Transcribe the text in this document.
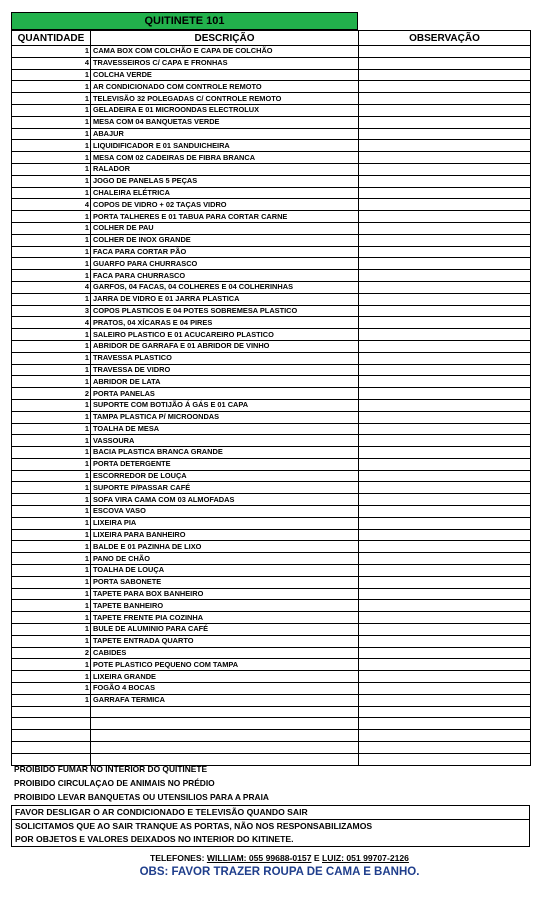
QUITINETE 101
QUANTIDADE	DESCRIÇÃO	OBSERVAÇÃO
1	CAMA BOX COM COLCHÃO E CAPA DE COLCHÃO	
4	TRAVESSEIROS C/ CAPA E FRONHAS	
1	COLCHA VERDE	
1	AR CONDICIONADO COM CONTROLE REMOTO	
1	TELEVISÃO 32 POLEGADAS C/ CONTROLE REMOTO	
1	GELADEIRA E 01 MICROONDAS ELECTROLUX	
1	MESA COM 04 BANQUETAS VERDE	
1	ABAJUR	
1	LIQUIDIFICADOR E 01 SANDUICHEIRA	
1	MESA COM 02 CADEIRAS DE FIBRA BRANCA	
1	RALADOR	
1	JOGO DE PANELAS 5 PEÇAS	
1	CHALEIRA ELÉTRICA	
4	COPOS DE VIDRO + 02 TAÇAS VIDRO	
1	PORTA TALHERES E 01 TABUA PARA CORTAR CARNE	
1	COLHER DE PAU	
1	COLHER DE INOX GRANDE	
1	FACA PARA CORTAR PÃO	
1	GUARFO PARA CHURRASCO	
1	FACA PARA CHURRASCO	
4	GARFOS, 04 FACAS, 04 COLHERES E 04 COLHERINHAS	
1	JARRA DE VIDRO E 01 JARRA PLASTICA	
3	COPOS PLASTICOS E 04 POTES SOBREMESA PLASTICO	
4	PRATOS, 04 XÍCARAS E 04 PIRES	
1	SALEIRO PLASTICO E 01 ACUCAREIRO PLASTICO	
1	ABRIDOR DE GARRAFA E 01 ABRIDOR DE VINHO	
1	TRAVESSA PLASTICO	
1	TRAVESSA DE VIDRO	
1	ABRIDOR DE LATA	
2	PORTA PANELAS	
1	SUPORTE COM BOTIJÃO Á GÁS E 01 CAPA	
1	TAMPA PLASTICA P/ MICROONDAS	
1	TOALHA DE MESA	
1	VASSOURA	
1	BACIA PLASTICA BRANCA GRANDE	
1	PORTA DETERGENTE	
1	ESCORREDOR DE LOUÇA	
1	SUPORTE P/PASSAR CAFÉ	
1	SOFA VIRA CAMA COM 03 ALMOFADAS	
1	ESCOVA VASO	
1	LIXEIRA PIA	
1	LIXEIRA PARA BANHEIRO	
1	BALDE E 01 PAZINHA DE LIXO	
1	PANO DE CHÃO	
1	TOALHA DE LOUÇA	
1	PORTA SABONETE	
1	TAPETE PARA BOX BANHEIRO	
1	TAPETE BANHEIRO	
1	TAPETE FRENTE PIA COZINHA	
1	BULE DE ALUMINIO PARA CAFÉ	
1	TAPETE ENTRADA QUARTO	
2	CABIDES	
1	POTE PLASTICO PEQUENO COM TAMPA	
1	LIXEIRA GRANDE	
1	FOGÃO 4 BOCAS	
1	GARRAFA TERMICA	

PROIBIDO FUMAR NO INTERIOR DO QUITINETE
PROIBIDO CIRCULAÇAO DE ANIMAIS NO PRÉDIO
PROIBIDO LEVAR BANQUETAS OU UTENSILIOS PARA A PRAIA
FAVOR DESLIGAR O AR CONDICIONADO E TELEVISÃO QUANDO SAIR
SOLICITAMOS QUE AO SAIR TRANQUE AS PORTAS, NÃO NOS RESPONSABILIZAMOS
POR OBJETOS E VALORES DEIXADOS NO INTERIOR DO KITINETE.
TELEFONES: WILLIAM: 055 99688-0157 E LUIZ: 051 99707-2126
OBS: FAVOR TRAZER ROUPA DE CAMA E BANHO.
